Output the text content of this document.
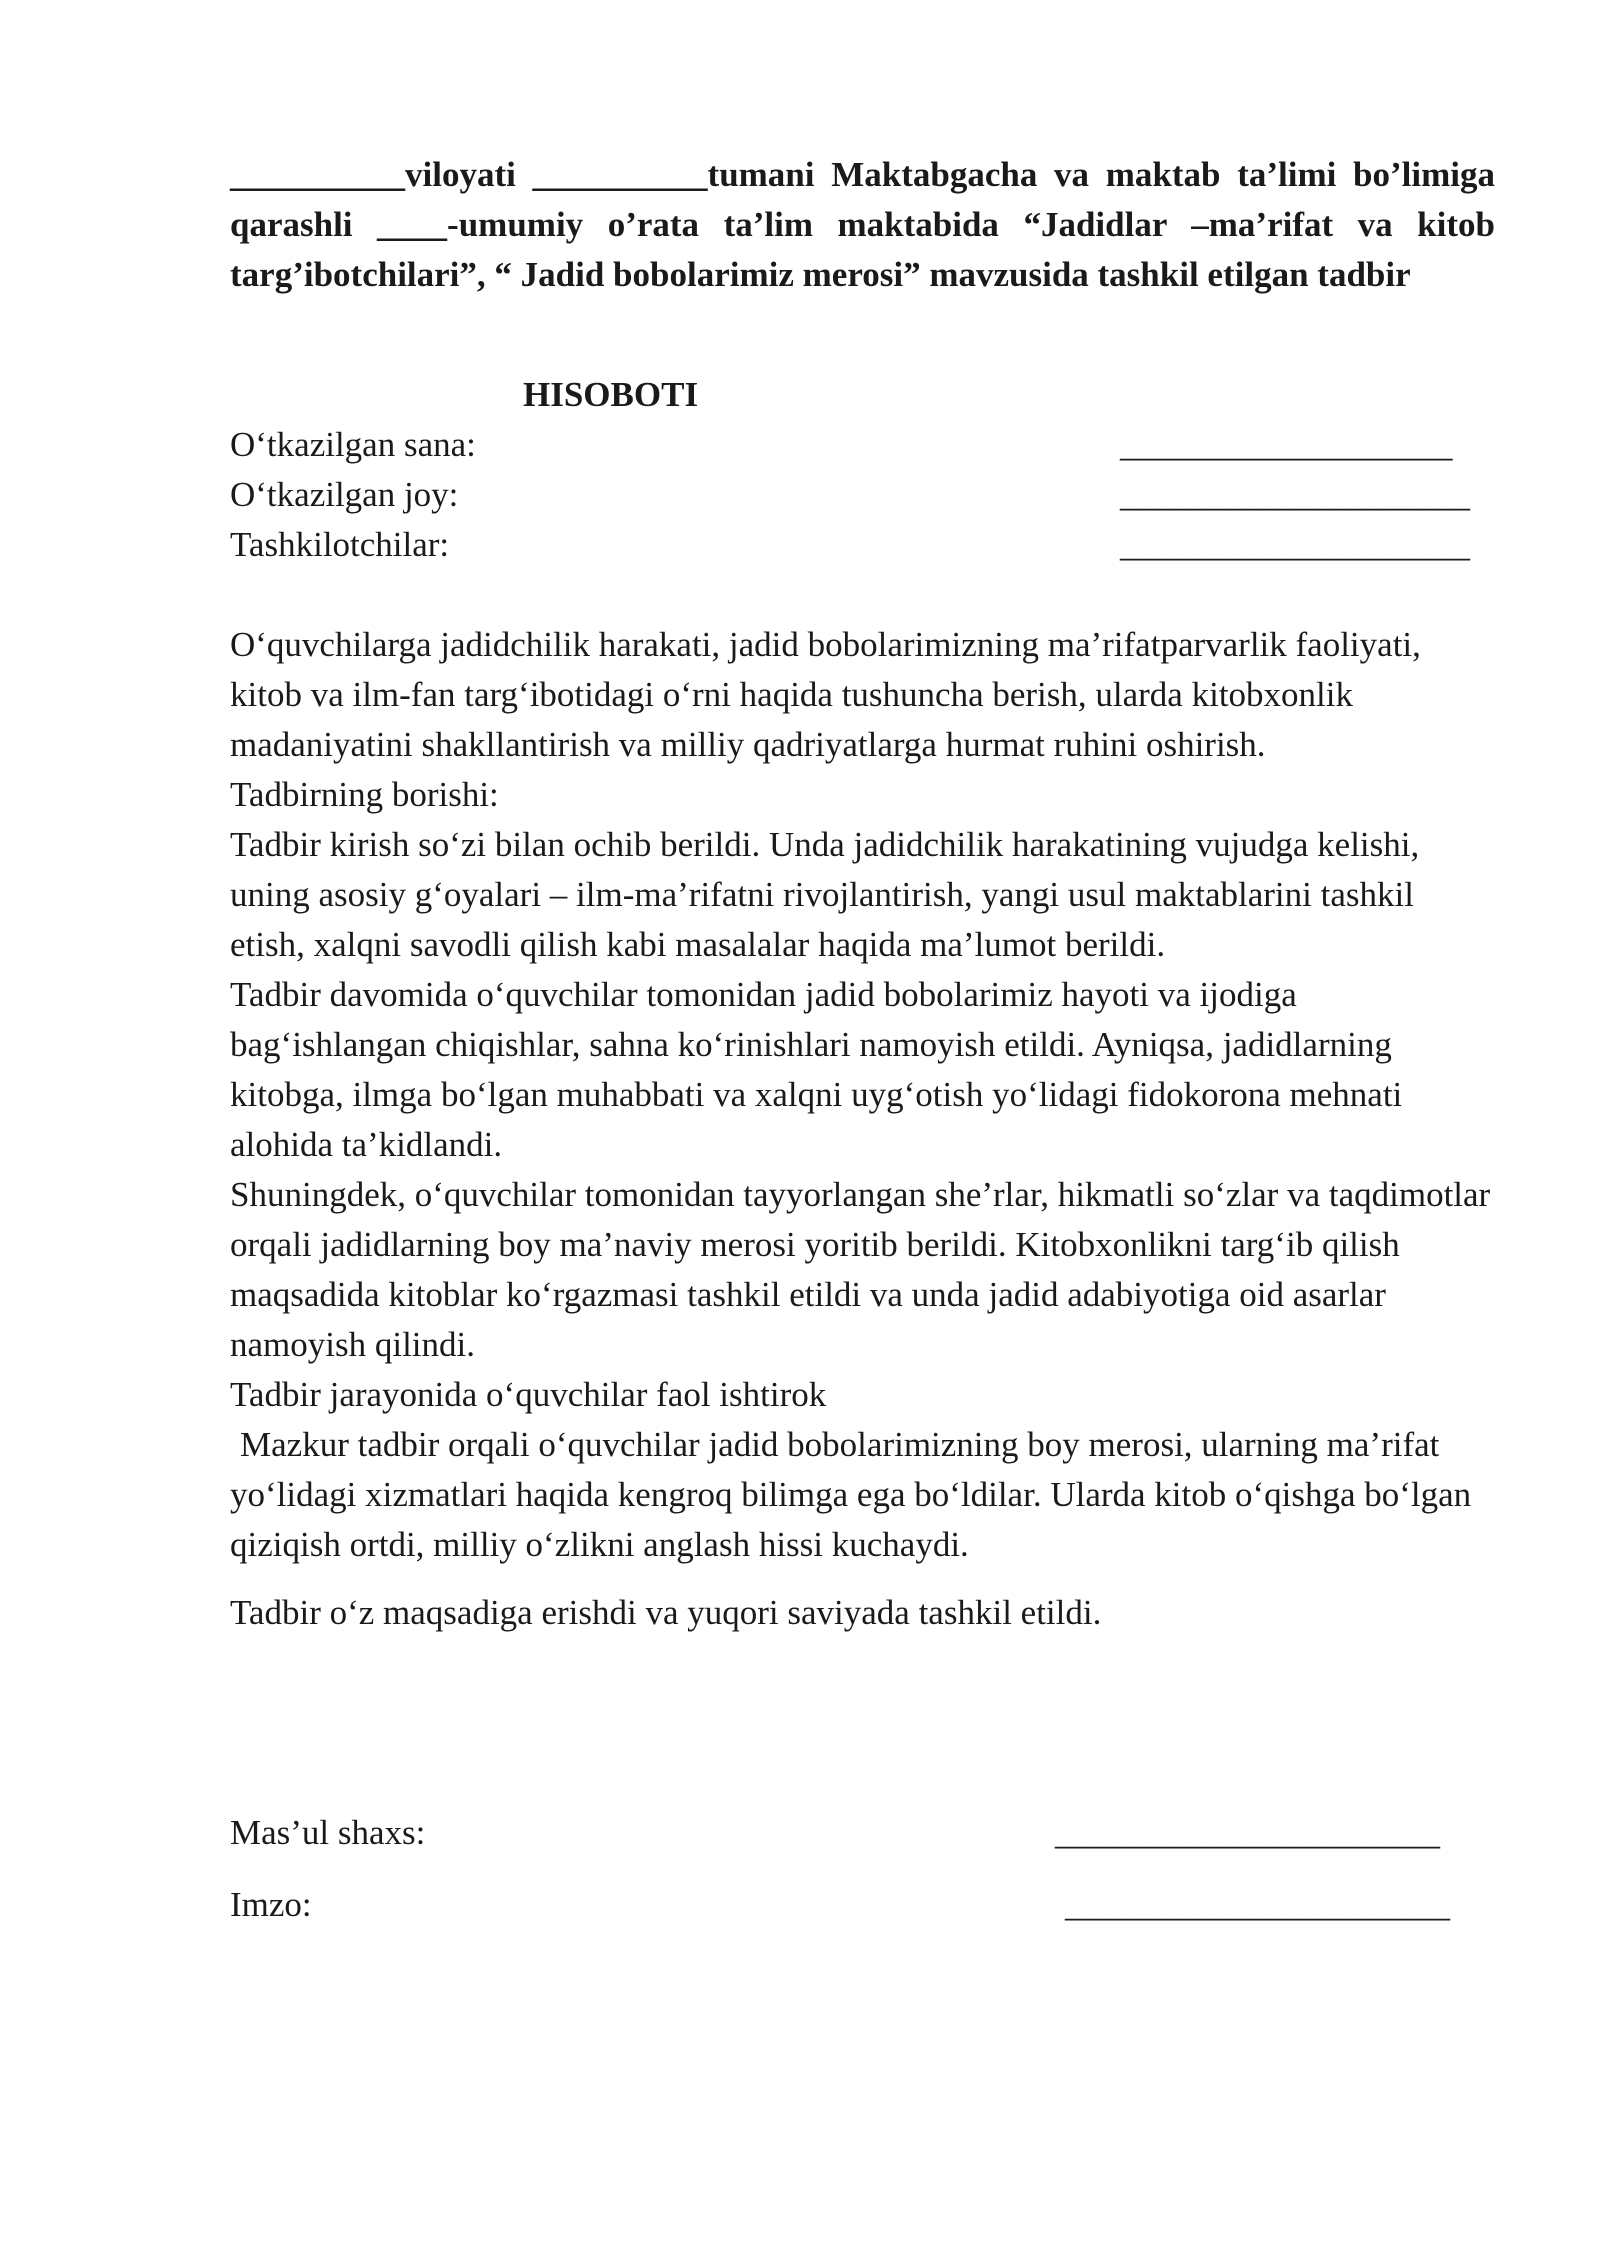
__________viloyati __________tumani Maktabgacha va maktab ta’limi bo’limiga qarashli ____-umumiy o’rata ta’lim maktabida “Jadidlar –ma’rifat va kitob targ’ibotchilari”, “ Jadid bobolarimiz merosi” mavzusida tashkil etilgan tadbir

HISOBOTI
O‘tkazilgan sana:	___________________
O‘tkazilgan joy:	____________________
Tashkilotchilar:	____________________

O‘quvchilarga jadidchilik harakati, jadid bobolarimizning ma’rifatparvarlik faoliyati, kitob va ilm-fan targ‘ibotidagi o‘rni haqida tushuncha berish, ularda kitobxonlik madaniyatini shakllantirish va milliy qadriyatlarga hurmat ruhini oshirish.

Tadbirning borishi:

Tadbir kirish so‘zi bilan ochib berildi. Unda jadidchilik harakatining vujudga kelishi, uning asosiy g‘oyalari – ilm-ma’rifatni rivojlantirish, yangi usul maktablarini tashkil etish, xalqni savodli qilish kabi masalalar haqida ma’lumot berildi.

Tadbir davomida o‘quvchilar tomonidan jadid bobolarimiz hayoti va ijodiga bag‘ishlangan chiqishlar, sahna ko‘rinishlari namoyish etildi. Ayniqsa, jadidlarning kitobga, ilmga bo‘lgan muhabbati va xalqni uyg‘otish yo‘lidagi fidokorona mehnati alohida ta’kidlandi.

Shuningdek, o‘quvchilar tomonidan tayyorlangan she’rlar, hikmatli so‘zlar va taqdimotlar orqali jadidlarning boy ma’naviy merosi yoritib berildi. Kitobxonlikni targ‘ib qilish maqsadida kitoblar ko‘rgazmasi tashkil etildi va unda jadid adabiyotiga oid asarlar namoyish qilindi.

Tadbir jarayonida o‘quvchilar faol ishtirok

Mazkur tadbir orqali o‘quvchilar jadid bobolarimizning boy merosi, ularning ma’rifat yo‘lidagi xizmatlari haqida kengroq bilimga ega bo‘ldilar. Ularda kitob o‘qishga bo‘lgan qiziqish ortdi, milliy o‘zlikni anglash hissi kuchaydi.

Tadbir o‘z maqsadiga erishdi va yuqori saviyada tashkil etildi.

Mas’ul shaxs:	______________________
Imzo:	______________________
